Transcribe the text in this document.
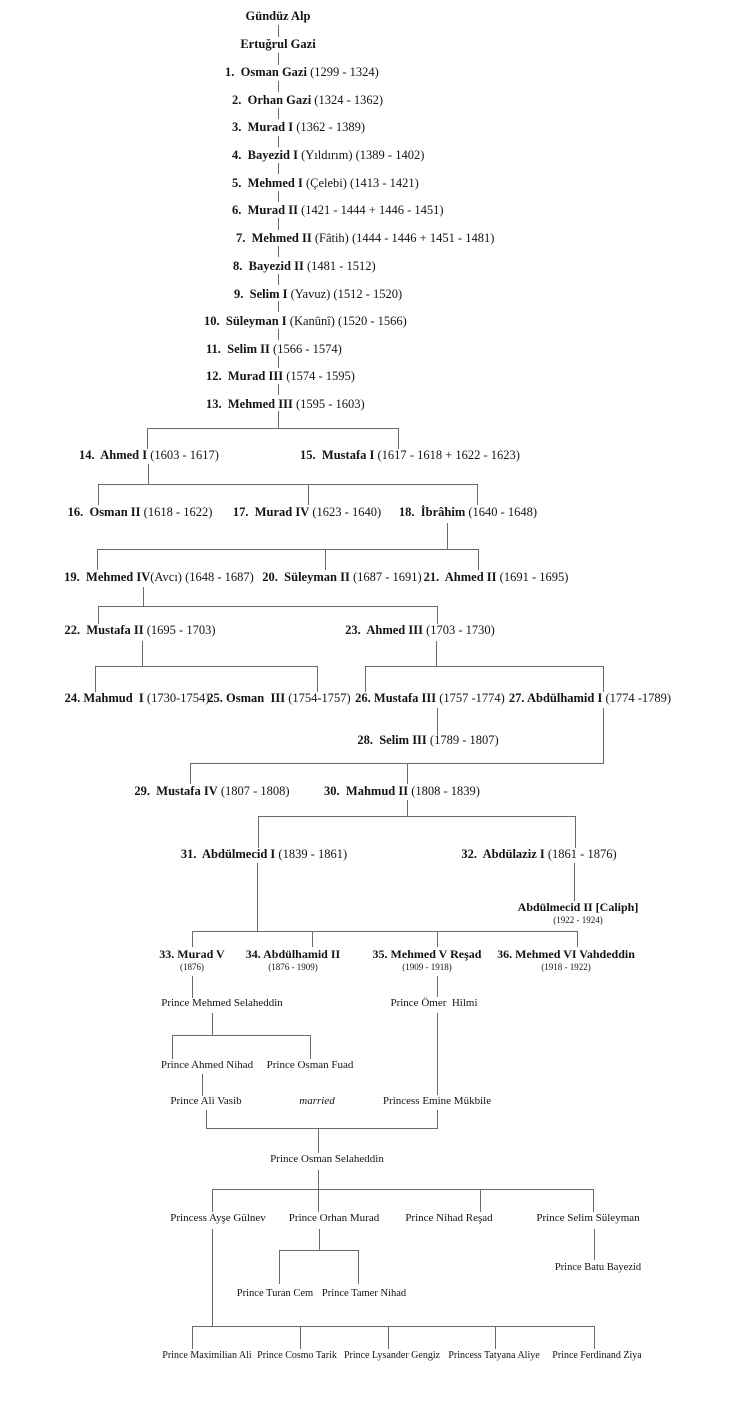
Gündüz Alp
Ertuğrul Gazi
1.  Osman Gazi (1299 - 1324)
2.  Orhan Gazi (1324 - 1362)
3.  Murad I (1362 - 1389)
4.  Bayezid I (Yıldırım) (1389 - 1402)
5.  Mehmed I (Çelebi) (1413 - 1421)
6.  Murad II (1421 - 1444 + 1446 - 1451)
7.  Mehmed II (Fâtih) (1444 - 1446 + 1451 - 1481)
8.  Bayezid II (1481 - 1512)
9.  Selim I (Yavuz) (1512 - 1520)
10.  Süleyman I (Kanûnî) (1520 - 1566)
11.  Selim II (1566 - 1574)
12.  Murad III (1574 - 1595)
13.  Mehmed III (1595 - 1603)
14.  Ahmed I (1603 - 1617)	15.  Mustafa I (1617 - 1618 + 1622 - 1623)
16.  Osman II (1618 - 1622) 17.  Murad IV (1623 - 1640) 18.  İbrâhim (1640 - 1648)
19.  Mehmed IV(Avcı) (1648 - 1687) 20.  Süleyman II (1687 - 1691) 21.  Ahmed II (1691 - 1695)
22.  Mustafa II (1695 - 1703)	23.  Ahmed III (1703 - 1730)
24. Mahmud  I (1730-1754)
25. Osman  III (1754-1757) 26. Mustafa III (1757 -1774) 27. Abdülhamid I (1774 -1789)
28.  Selim III (1789 - 1807)
29.  Mustafa IV (1807 - 1808)	30.  Mahmud II (1808 - 1839)
31.  Abdülmecid I (1839 - 1861)	32.  Abdülaziz I (1861 - 1876)
Abdülmecid II [Caliph]
(1922 - 1924)
33. Murad V
(1876)
34. Abdülhamid II
(1876 - 1909)
35. Mehmed V Reşad
(1909 - 1918)
36. Mehmed VI Vahdeddin
(1918 - 1922)
Prince Mehmed Selaheddin	Prince Ömer  Hilmi
Prince Ahmed Nihad Prince Osman Fuad
Prince Ali Vasib	married	Princess Emine Mükbile
Prince Osman Selaheddin
Princess Ayşe Gülnev Prince Orhan Murad Prince Nihad Reşad	Prince Selim Süleyman
Prince Batu Bayezid
Prince Turan Cem Prince Tamer Nihad
Prince Maximilian Ali Prince Cosmo Tarik Prince Lysander Gengiz Princess Tatyana Aliye Prince Ferdinand Ziya
